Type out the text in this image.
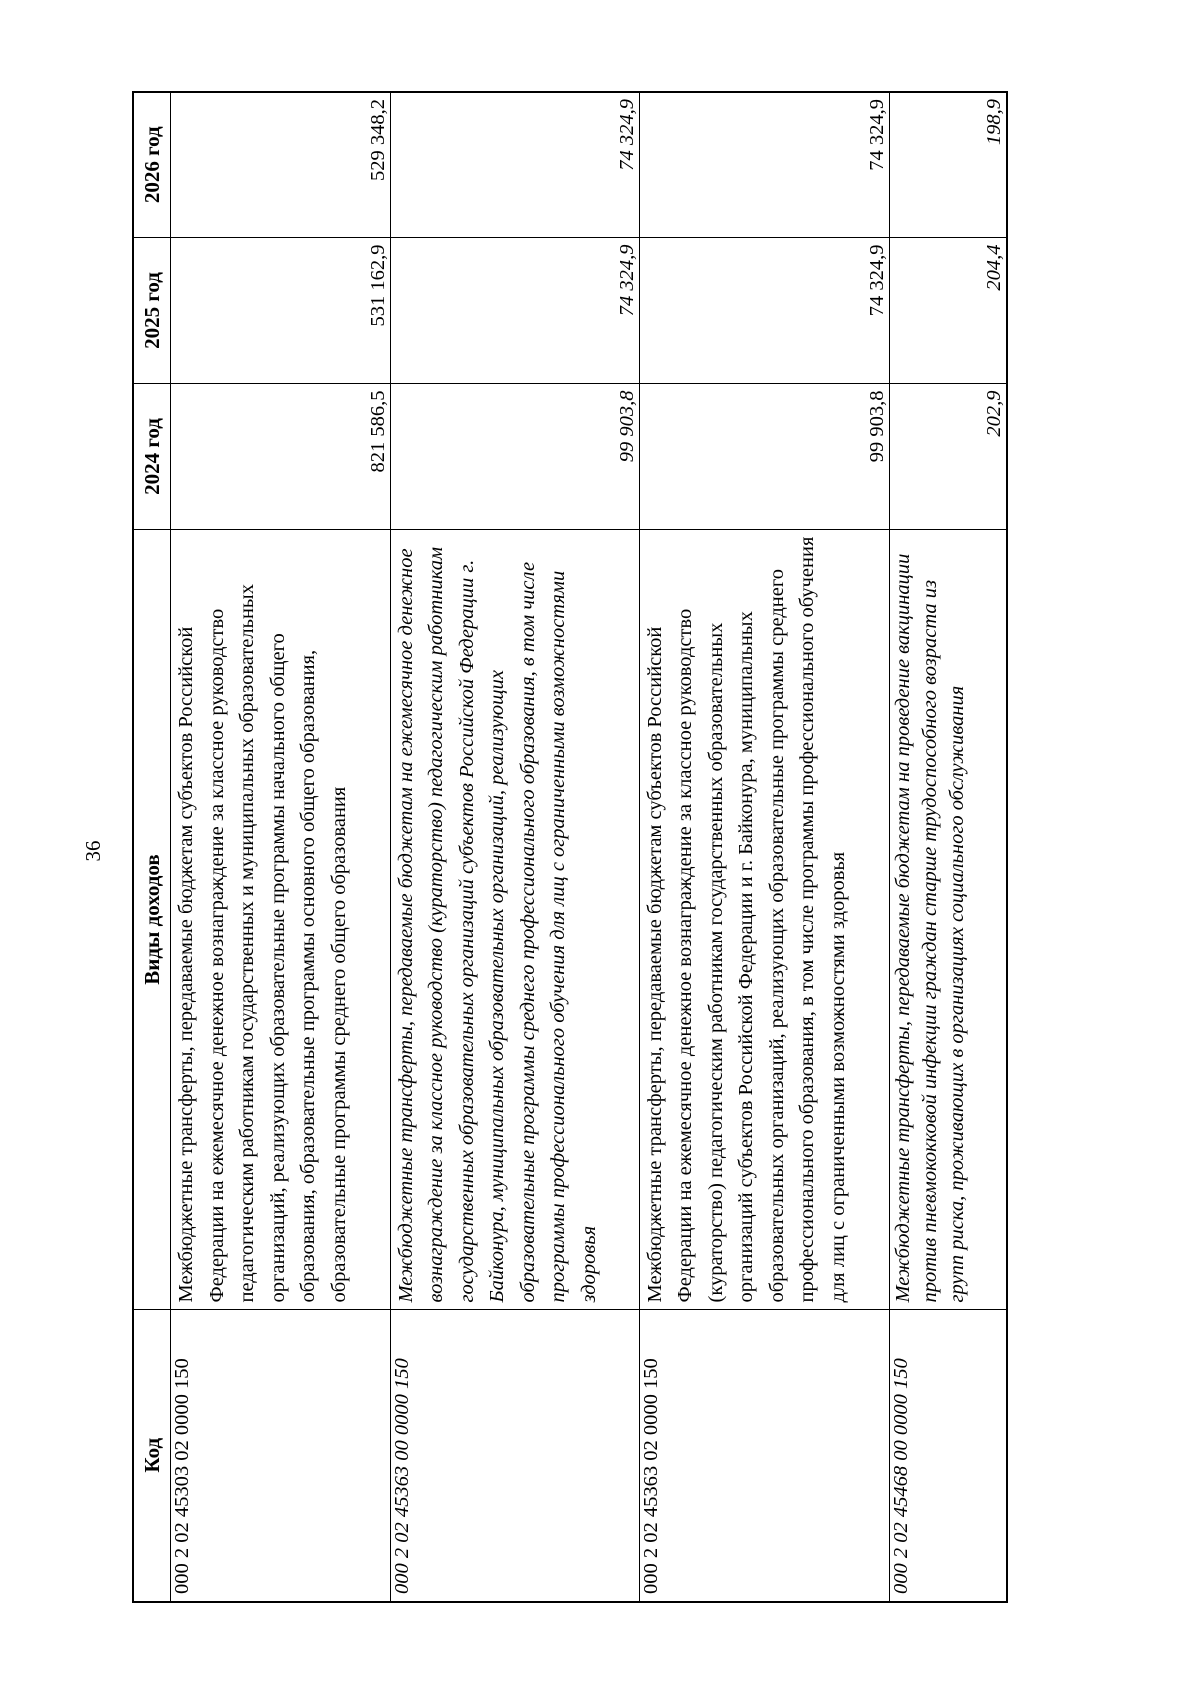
36
Код	Виды доходов	2024 год	2025 год	2026 год
000 2 02 45303 02 0000 150	Межбюджетные трансферты, передаваемые бюджетам субъектов Российской Федерации на ежемесячное денежное вознаграждение за классное руководство педагогическим работникам государственных и муниципальных образовательных организаций, реализующих образовательные программы начального общего образования, образовательные программы основного общего образования, образовательные программы среднего общего образования	821 586,5	531 162,9	529 348,2
000 2 02 45363 00 0000 150	Межбюджетные трансферты, передаваемые бюджетам на ежемесячное денежное вознаграждение за классное руководство (кураторство) педагогическим работникам государственных образовательных организаций субъектов Российской Федерации г. Байконура, муниципальных образовательных организаций, реализующих образовательные программы среднего профессионального образования, в том числе программы профессионального обучения для лиц с ограниченными возможностями здоровья	99 903,8	74 324,9	74 324,9
000 2 02 45363 02 0000 150	Межбюджетные трансферты, передаваемые бюджетам субъектов Российской Федерации на ежемесячное денежное вознаграждение за классное руководство (кураторство) педагогическим работникам государственных образовательных организаций субъектов Российской Федерации и г. Байконура, муниципальных образовательных организаций, реализующих образовательные программы среднего профессионального образования, в том числе программы профессионального обучения для лиц с ограниченными возможностями здоровья	99 903,8	74 324,9	74 324,9
000 2 02 45468 00 0000 150	Межбюджетные трансферты, передаваемые бюджетам на проведение вакцинации против пневмококковой инфекции граждан старше трудоспособного возраста из групп риска, проживающих в организациях социального обслуживания	202,9	204,4	198,9
